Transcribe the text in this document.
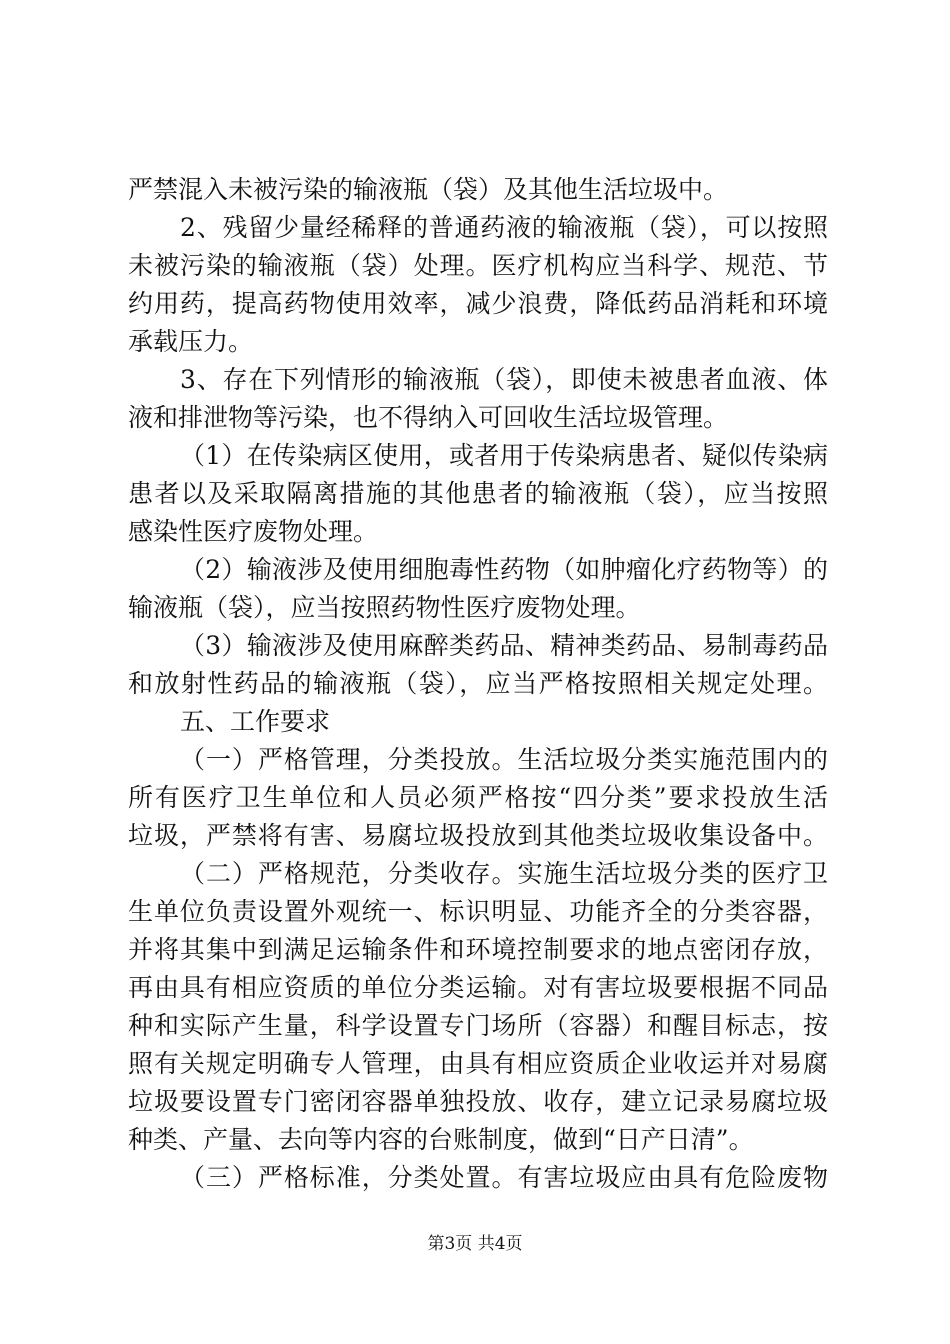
严禁混入未被污染的输液瓶（袋）及其他生活垃圾中。

2、残留少量经稀释的普通药液的输液瓶（袋），可以按照

未被污染的输液瓶（袋）处理。医疗机构应当科学、规范、节

约用药，提高药物使用效率，减少浪费，降低药品消耗和环境

承载压力。

3、存在下列情形的输液瓶（袋），即使未被患者血液、体

液和排泄物等污染，也不得纳入可回收生活垃圾管理。

（1）在传染病区使用，或者用于传染病患者、疑似传染病

患者以及采取隔离措施的其他患者的输液瓶（袋），应当按照

感染性医疗废物处理。

（2）输液涉及使用细胞毒性药物（如肿瘤化疗药物等）的

输液瓶（袋），应当按照药物性医疗废物处理。

（3）输液涉及使用麻醉类药品、精神类药品、易制毒药品

和放射性药品的输液瓶（袋），应当严格按照相关规定处理。

五、工作要求

（一）严格管理，分类投放。生活垃圾分类实施范围内的

所有医疗卫生单位和人员必须严格按“四分类”要求投放生活

垃圾，严禁将有害、易腐垃圾投放到其他类垃圾收集设备中。

（二）严格规范，分类收存。实施生活垃圾分类的医疗卫

生单位负责设置外观统一、标识明显、功能齐全的分类容器，

并将其集中到满足运输条件和环境控制要求的地点密闭存放，

再由具有相应资质的单位分类运输。对有害垃圾要根据不同品

种和实际产生量，科学设置专门场所（容器）和醒目标志，按

照有关规定明确专人管理，由具有相应资质企业收运并对易腐

垃圾要设置专门密闭容器单独投放、收存，建立记录易腐垃圾

种类、产量、去向等内容的台账制度，做到“日产日清”。

（三）严格标准，分类处置。有害垃圾应由具有危险废物

第3页 共4页
